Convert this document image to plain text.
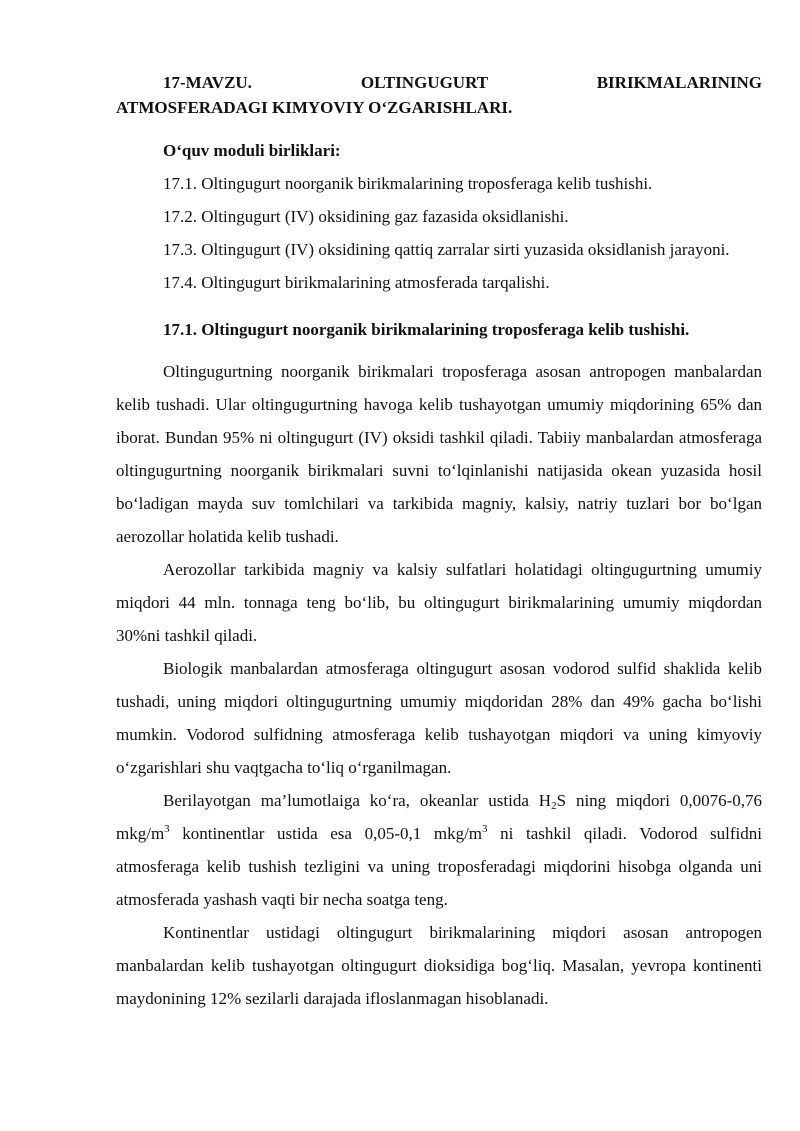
17-MAVZU. OLTINGUGURT BIRIKMALARINING
ATMOSFERADAGI KIMYOVIY O‘ZGARISHLARI.

O‘quv moduli birliklari:

17.1. Oltingugurt noorganik birikmalarining troposferaga kelib tushishi.

17.2. Oltingugurt (IV) oksidining gaz fazasida oksidlanishi.

17.3. Oltingugurt (IV) oksidining qattiq zarralar sirti yuzasida oksidlanish jarayoni.

17.4. Oltingugurt birikmalarining atmosferada tarqalishi.

17.1. Oltingugurt noorganik birikmalarining troposferaga kelib tushishi.

Oltingugurtning noorganik birikmalari troposferaga asosan antropogen manbalardan kelib tushadi. Ular oltingugurtning havoga kelib tushayotgan umumiy miqdorining 65% dan iborat. Bundan 95% ni oltingugurt (IV) oksidi tashkil qiladi. Tabiiy manbalardan atmosferaga oltingugurtning noorganik birikmalari suvni to‘lqinlanishi natijasida okean yuzasida hosil bo‘ladigan mayda suv tomlchilari va tarkibida magniy, kalsiy, natriy tuzlari bor bo‘lgan aerozollar holatida kelib tushadi.

Aerozollar tarkibida magniy va kalsiy sulfatlari holatidagi oltingugurtning umumiy miqdori 44 mln. tonnaga teng bo‘lib, bu oltingugurt birikmalarining umumiy miqdordan 30%ni tashkil qiladi.

Biologik manbalardan atmosferaga oltingugurt asosan vodorod sulfid shaklida kelib tushadi, uning miqdori oltingugurtning umumiy miqdoridan 28% dan 49% gacha bo‘lishi mumkin. Vodorod sulfidning atmosferaga kelib tushayotgan miqdori va uning kimyoviy o‘zgarishlari shu vaqtgacha to‘liq o‘rganilmagan.

Berilayotgan ma’lumotlaiga ko‘ra, okeanlar ustida $H_2S$ ning miqdori 0,0076-0,76 mkg/$m^3$ kontinentlar ustida esa 0,05-0,1 mkg/$m^3$ ni tashkil qiladi. Vodorod sulfidni atmosferaga kelib tushish tezligini va uning troposferadagi miqdorini hisobga olganda uni atmosferada yashash vaqti bir necha soatga teng.

Kontinentlar ustidagi oltingugurt birikmalarining miqdori asosan antropogen manbalardan kelib tushayotgan oltingugurt dioksidiga bog‘liq. Masalan, yevropa kontinenti maydonining 12% sezilarli darajada ifloslanmagan hisoblanadi.
